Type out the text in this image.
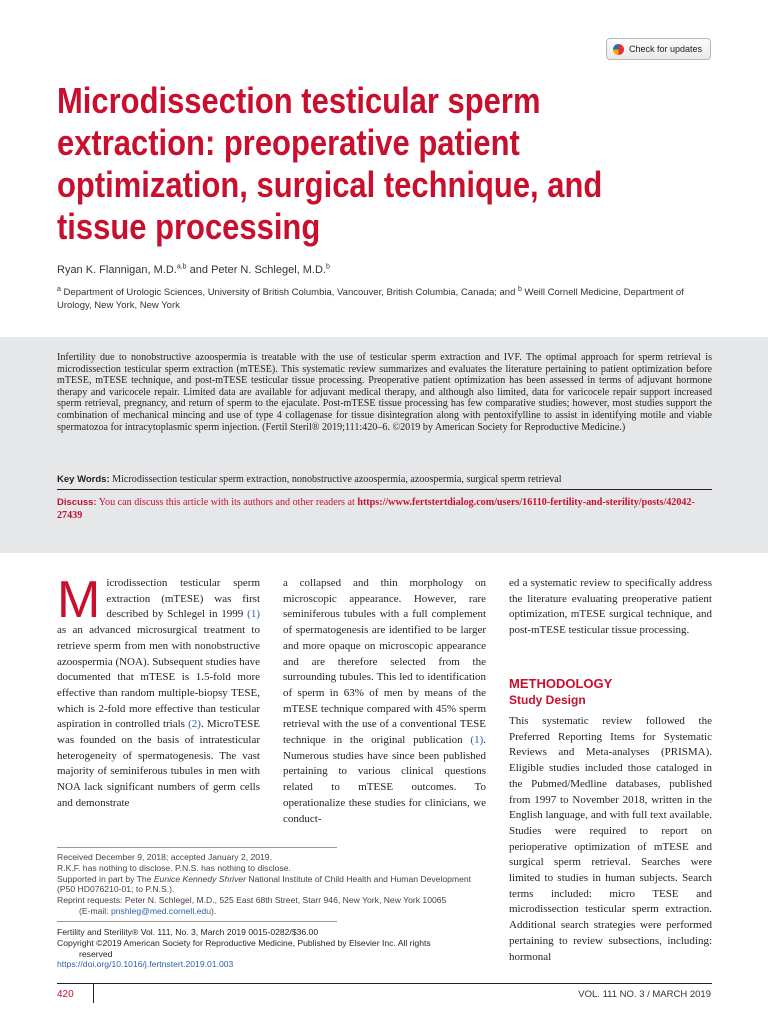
Check for updates
Microdissection testicular sperm
extraction: preoperative patient
optimization, surgical technique, and
tissue processing
Ryan K. Flannigan, M.D.$^{a,b}$ and Peter N. Schlegel, M.D.$^b$
$^a$ Department of Urologic Sciences, University of British Columbia, Vancouver, British Columbia, Canada; and $^b$ Weill Cornell Medicine, Department of Urology, New York, New York

Infertility due to nonobstructive azoospermia is treatable with the use of testicular sperm extraction and IVF. The optimal approach for sperm retrieval is microdissection testicular sperm extraction (mTESE). This systematic review summarizes and evaluates the literature pertaining to patient optimization before mTESE, mTESE technique, and post-mTESE testicular tissue processing. Preoperative patient optimization has been assessed in terms of adjuvant hormone therapy and varicocele repair. Limited data are available for adjuvant medical therapy, and although also limited, data for varicocele repair support increased sperm retrieval, pregnancy, and return of sperm to the ejaculate. Post-mTESE tissue processing has few comparative studies; however, most studies support the combination of mechanical mincing and use of type 4 collagenase for tissue disintegration along with pentoxifylline to assist in identifying motile and viable spermatozoa for intracytoplasmic sperm injection. (Fertil Steril® 2019;111:420–6. ©2019 by American Society for Reproductive Medicine.)

Key Words: Microdissection testicular sperm extraction, nonobstructive azoospermia, azoospermia, surgical sperm retrieval

Discuss: You can discuss this article with its authors and other readers at https://www.fertstertdialog.com/users/16110-fertility-and-sterility/posts/42042-27439

Microdissection testicular sperm extraction (mTESE) was first described by Schlegel in 1999 (1) as an advanced microsurgical treatment to retrieve sperm from men with nonobstructive azoospermia (NOA). Subsequent studies have documented that mTESE is 1.5-fold more effective than random multiple-biopsy TESE, which is 2-fold more effective than testicular aspiration in controlled trials (2). MicroTESE was founded on the basis of intratesticular heterogeneity of spermatogenesis. The vast majority of seminiferous tubules in men with NOA lack significant numbers of germ cells and demonstrate
a collapsed and thin morphology on microscopic appearance. However, rare seminiferous tubules with a full complement of spermatogenesis are identified to be larger and more opaque on microscopic appearance and are therefore selected from the surrounding tubules. This led to identification of sperm in 63% of men by means of the mTESE technique compared with 45% sperm retrieval with the use of a conventional TESE technique in the original publication (1). Numerous studies have since been published pertaining to various clinical questions related to mTESE outcomes. To operationalize these studies for clinicians, we conduct-
ed a systematic review to specifically address the literature evaluating preoperative patient optimization, mTESE surgical technique, and post-mTESE testicular tissue processing.
METHODOLOGY
Study Design
This systematic review followed the Preferred Reporting Items for Systematic Reviews and Meta-analyses (PRISMA). Eligible studies included those cataloged in the Pubmed/Medline databases, published from 1997 to November 2018, written in the English language, and with full text available. Studies were required to report on perioperative optimization of mTESE and surgical sperm retrieval. Searches were limited to studies in human subjects. Search terms included: micro TESE and microdissection testicular sperm extraction. Additional search strategies were performed pertaining to review subsections, including: hormonal

Received December 9, 2018; accepted January 2, 2019.

R.K.F. has nothing to disclose. P.N.S. has nothing to disclose.

Supported in part by The Eunice Kennedy Shriver National Institute of Child Health and Human Development (P50 HD076210-01; to P.N.S.).

Reprint requests: Peter N. Schlegel, M.D., 525 East 68th Street, Starr 946, New York, New York 10065

(E-mail: pnshleg@med.cornell.edu).

Fertility and Sterility® Vol. 111, No. 3, March 2019 0015-0282/$36.00

Copyright ©2019 American Society for Reproductive Medicine, Published by Elsevier Inc. All rights

reserved

https://doi.org/10.1016/j.fertnstert.2019.01.003

420	VOL. 111 NO. 3 / MARCH 2019
